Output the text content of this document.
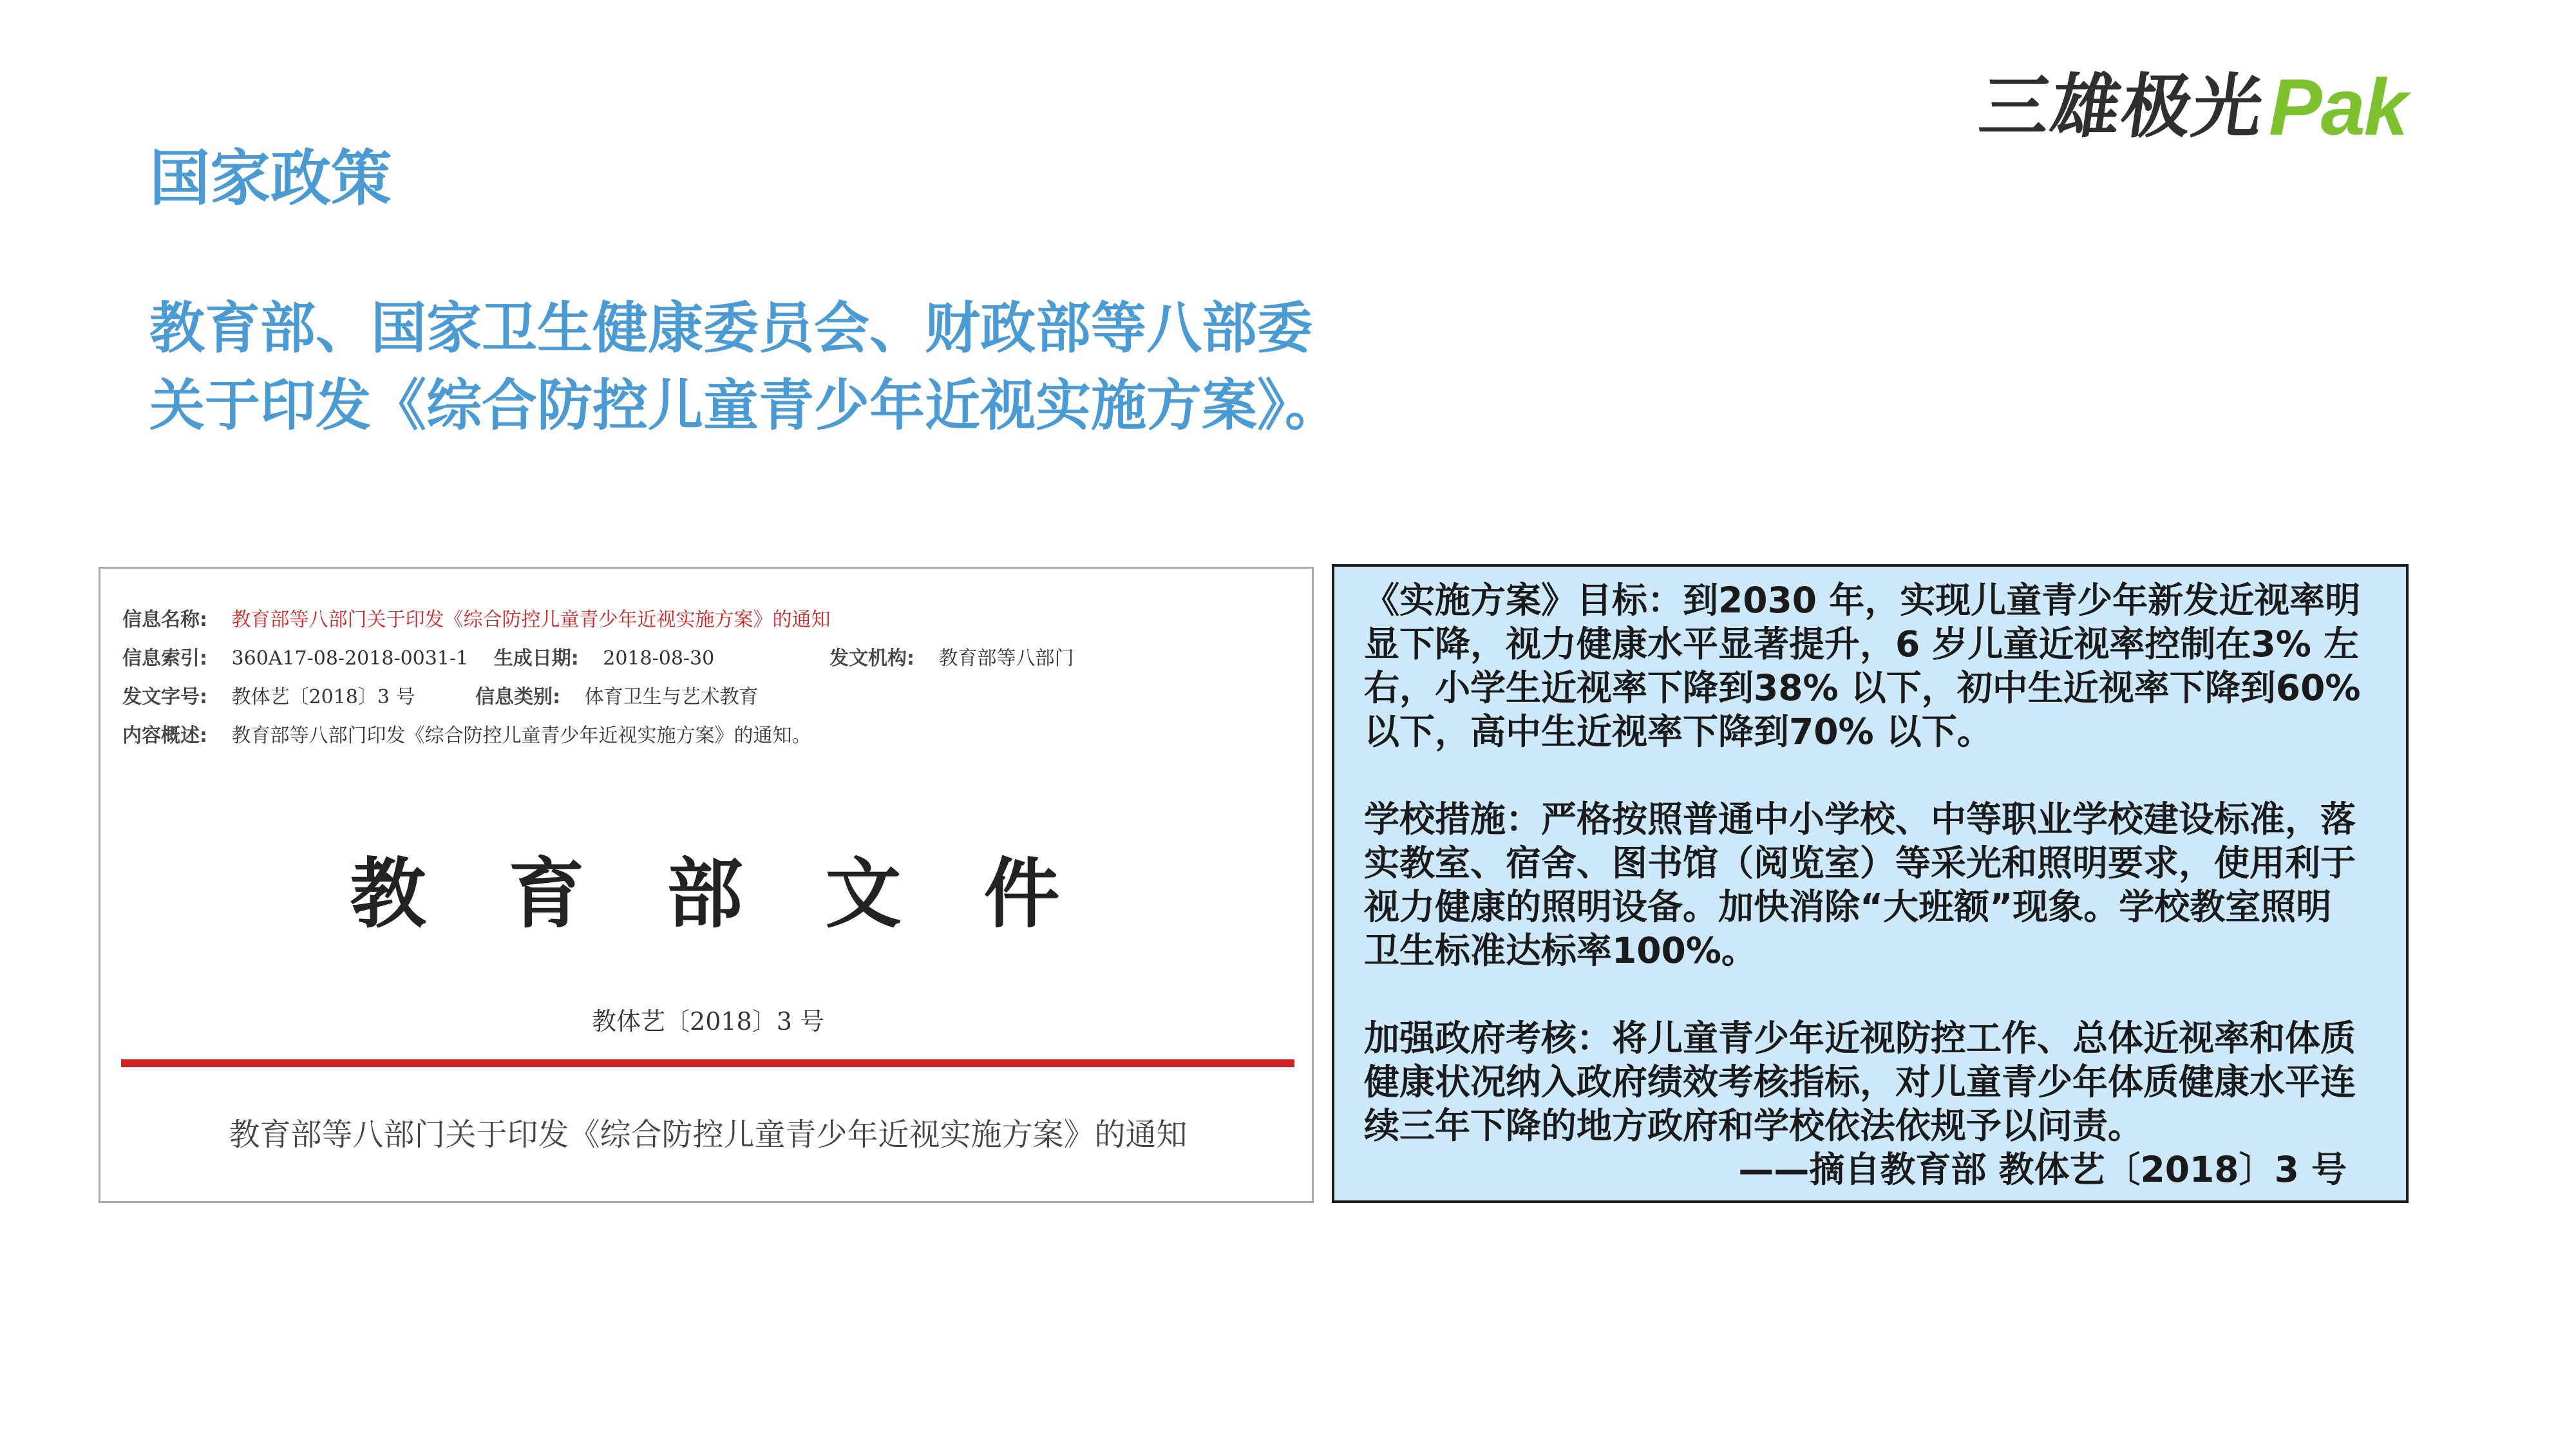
三雄极光 Pak
国家政策
教育部、国家卫生健康委员会、财政部等八部委
关于印发《综合防控儿童青少年近视实施方案》。
信息名称: 教育部等八部门关于印发《综合防控儿童青少年近视实施方案》的通知
信息索引: 360A17-08-2018-0031-1 生成日期: 2018-08-30	发文机构: 教育部等八部门
发文字号: 教体艺〔2018〕3 号	信息类别: 体育卫生与艺术教育
内容概述: 教育部等八部门印发《综合防控儿童青少年近视实施方案》的通知。
教育部文件
教体艺〔2018〕3 号
教育部等八部门关于印发《综合防控儿童青少年近视实施方案》的通知
《实施方案》目标：到2030 年，实现儿童青少年新发近视率明
显下降，视力健康水平显著提升，6 岁儿童近视率控制在3% 左
右，小学生近视率下降到38% 以下，初中生近视率下降到60%
以下，高中生近视率下降到70% 以下。
学校措施：严格按照普通中小学校、中等职业学校建设标准，落
实教室、宿舍、图书馆（阅览室）等采光和照明要求，使用利于
视力健康的照明设备。加快消除“大班额”现象。学校教室照明
卫生标准达标率100%。
加强政府考核：将儿童青少年近视防控工作、总体近视率和体质
健康状况纳入政府绩效考核指标，对儿童青少年体质健康水平连
续三年下降的地方政府和学校依法依规予以问责。
——摘自教育部 教体艺〔2018〕3 号
